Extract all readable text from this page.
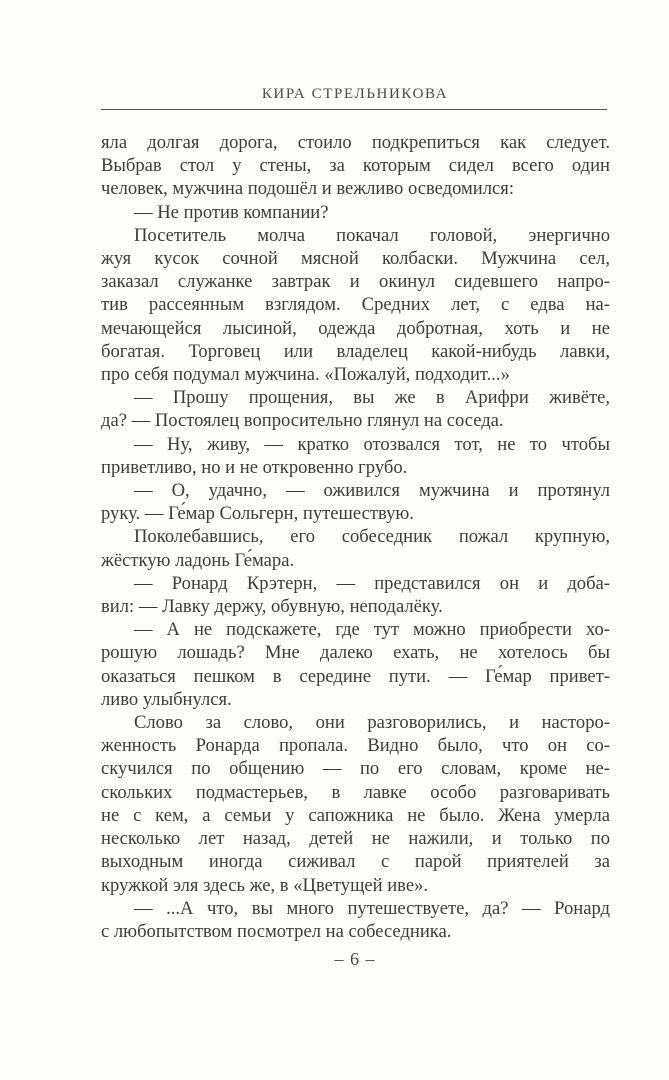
КИРА СТРЕЛЬНИКОВА
яла долгая дорога, стоило подкрепиться как следует.
Выбрав стол у стены, за которым сидел всего один
человек, мужчина подошёл и вежливо осведомился:
— Не против компании?
Посетитель молча покачал головой, энергично
жуя кусок сочной мясной колбаски. Мужчина сел,
заказал служанке завтрак и окинул сидевшего напро-
тив рассеянным взглядом. Средних лет, с едва на-
мечающейся лысиной, одежда добротная, хоть и не
богатая. Торговец или владелец какой-нибудь лавки,
про себя подумал мужчина. «Пожалуй, подходит...»
— Прошу прощения, вы же в Арифри живёте,
да? — Постоялец вопросительно глянул на соседа.
— Ну, живу, — кратко отозвался тот, не то чтобы
приветливо, но и не откровенно грубо.
— О, удачно, — оживился мужчина и протянул
руку. — Ге́мар Сольгерн, путешествую.
Поколебавшись, его собеседник пожал крупную,
жёсткую ладонь Ге́мара.
— Ронард Крэтерн, — представился он и доба-
вил: — Лавку держу, обувную, неподалёку.
— А не подскажете, где тут можно приобрести хо-
рошую лошадь? Мне далеко ехать, не хотелось бы
оказаться пешком в середине пути. — Ге́мар привет-
ливо улыбнулся.
Слово за слово, они разговорились, и насторо-
женность Ронарда пропала. Видно было, что он со-
скучился по общению — по его словам, кроме не-
скольких подмастерьев, в лавке особо разговаривать
не с кем, а семьи у сапожника не было. Жена умерла
несколько лет назад, детей не нажили, и только по
выходным иногда сиживал с парой приятелей за
кружкой эля здесь же, в «Цветущей иве».
— ...А что, вы много путешествуете, да? — Ронард
с любопытством посмотрел на собеседника.
– 6 –
